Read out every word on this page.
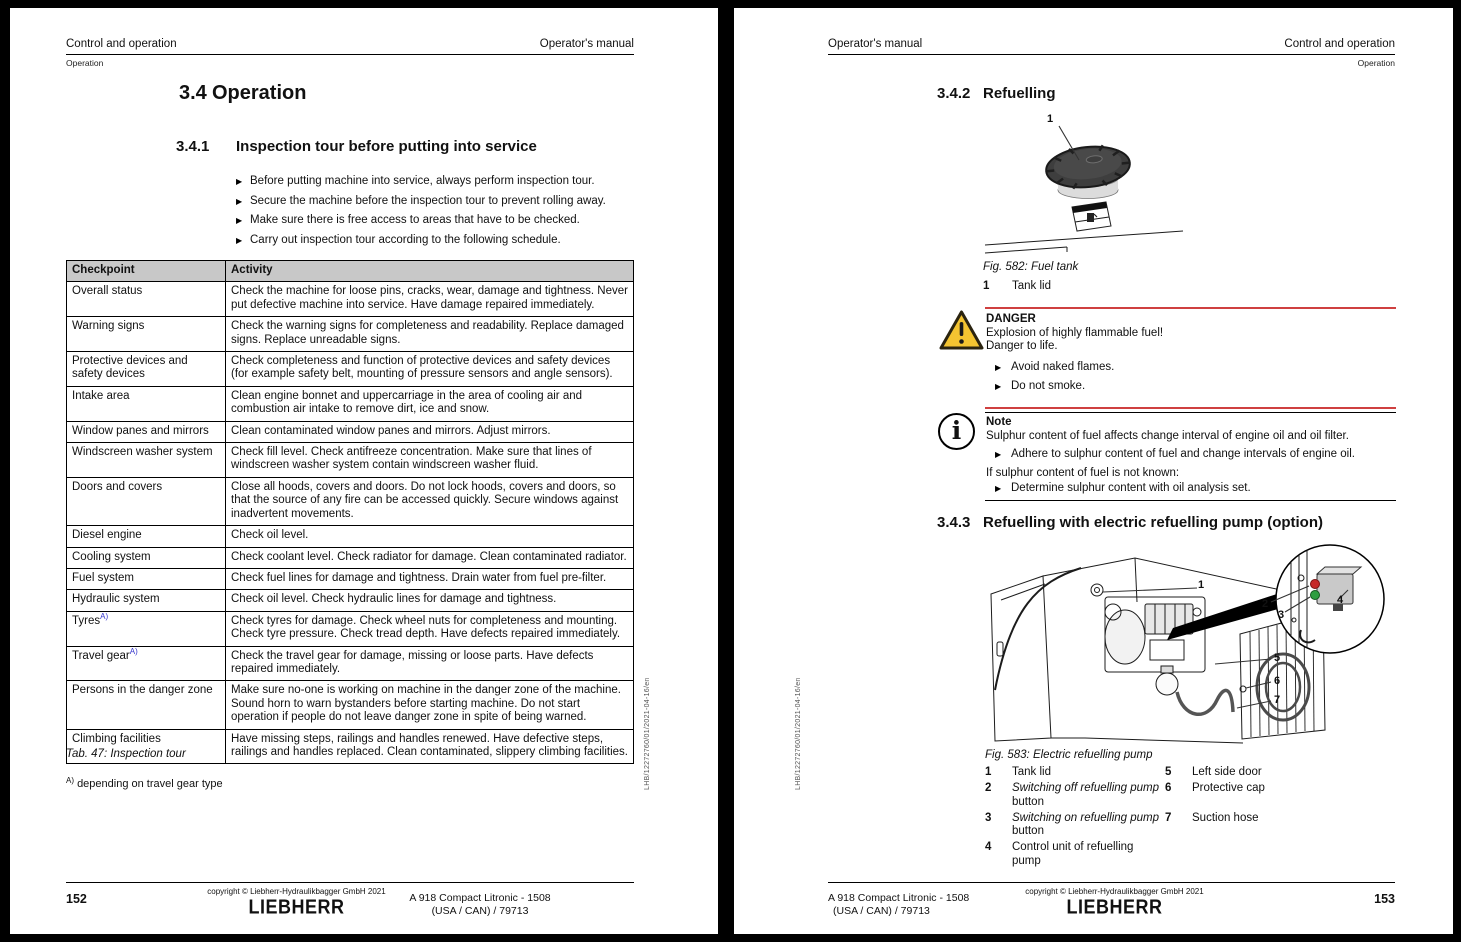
Control and operation	Operator's manual
Operation
3.4 Operation
3.4.1	Inspection tour before putting into service
▶ Before putting machine into service, always perform inspection tour.
▶ Secure the machine before the inspection tour to prevent rolling away.
▶ Make sure there is free access to areas that have to be checked.
▶ Carry out inspection tour according to the following schedule.
Checkpoint	Activity
Overall status	Check the machine for loose pins, cracks, wear, damage and tightness. Never put defective machine into service. Have damage repaired immediately.
Warning signs	Check the warning signs for completeness and readability. Replace damaged signs. Replace unreadable signs.
Protective devices and safety devices	Check completeness and function of protective devices and safety devices (for example safety belt, mounting of pressure sensors and angle sensors).
Intake area	Clean engine bonnet and uppercarriage in the area of cooling air and combustion air intake to remove dirt, ice and snow.
Window panes and mirrors	Clean contaminated window panes and mirrors. Adjust mirrors.
Windscreen washer system	Check fill level. Check antifreeze concentration. Make sure that lines of windscreen washer system contain windscreen washer fluid.
Doors and covers	Close all hoods, covers and doors. Do not lock hoods, covers and doors, so that the source of any fire can be accessed quickly. Secure windows against inadvertent movements.
Diesel engine	Check oil level.
Cooling system	Check coolant level. Check radiator for damage. Clean contaminated radiator.
Fuel system	Check fuel lines for damage and tightness. Drain water from fuel pre-filter.
Hydraulic system	Check oil level. Check hydraulic lines for damage and tightness.
Tyres$^{A)}$	Check tyres for damage. Check wheel nuts for completeness and mounting. Check tyre pressure. Check tread depth. Have defects repaired immediately.
Travel gear$^{A)}$	Check the travel gear for damage, missing or loose parts. Have defects repaired immediately.
Persons in the danger zone	Make sure no-one is working on machine in the danger zone of the machine. Sound horn to warn bystanders before starting machine. Do not start operation if people do not leave danger zone in spite of being warned.
Climbing facilities	Have missing steps, railings and handles renewed. Have defective steps, railings and handles replaced. Clean contaminated, slippery climbing facilities.
Tab. 47: Inspection tour
$^{A)}$ depending on travel gear type	LHB/12272760/01/2021-04-16/en
152
copyright © Liebherr-Hydraulikbagger GmbH 2021
LIEBHERR	A 918 Compact Litronic - 1508
(USA / CAN) / 79713
Operator's manual	Control and operation
Operation
3.4.2 Refuelling
1
Fig. 582: Fuel tank
1	Tank lid
DANGER
Explosion of highly flammable fuel!
Danger to life.
▶ Avoid naked flames.
▶ Do not smoke.
i Note
Sulphur content of fuel affects change interval of engine oil and oil filter.
▶ Adhere to sulphur content of fuel and change intervals of engine oil.
If sulphur content of fuel is not known:
▶ Determine sulphur content with oil analysis set.
3.4.3 Refuelling with electric refuelling pump (option)
1
2
3
4
5
6
7
Fig. 583: Electric refuelling pump
1	Tank lid
2	Switching off refuelling pump
button
3	Switching on refuelling pump
button
4	Control unit of refuelling pump
5	Left side door
6	Protective cap
7	Suction hose
LHB/12272760/01/2021-04-16/en
A 918 Compact Litronic - 1508
(USA / CAN) / 79713
copyright © Liebherr-Hydraulikbagger GmbH 2021
LIEBHERR	153
